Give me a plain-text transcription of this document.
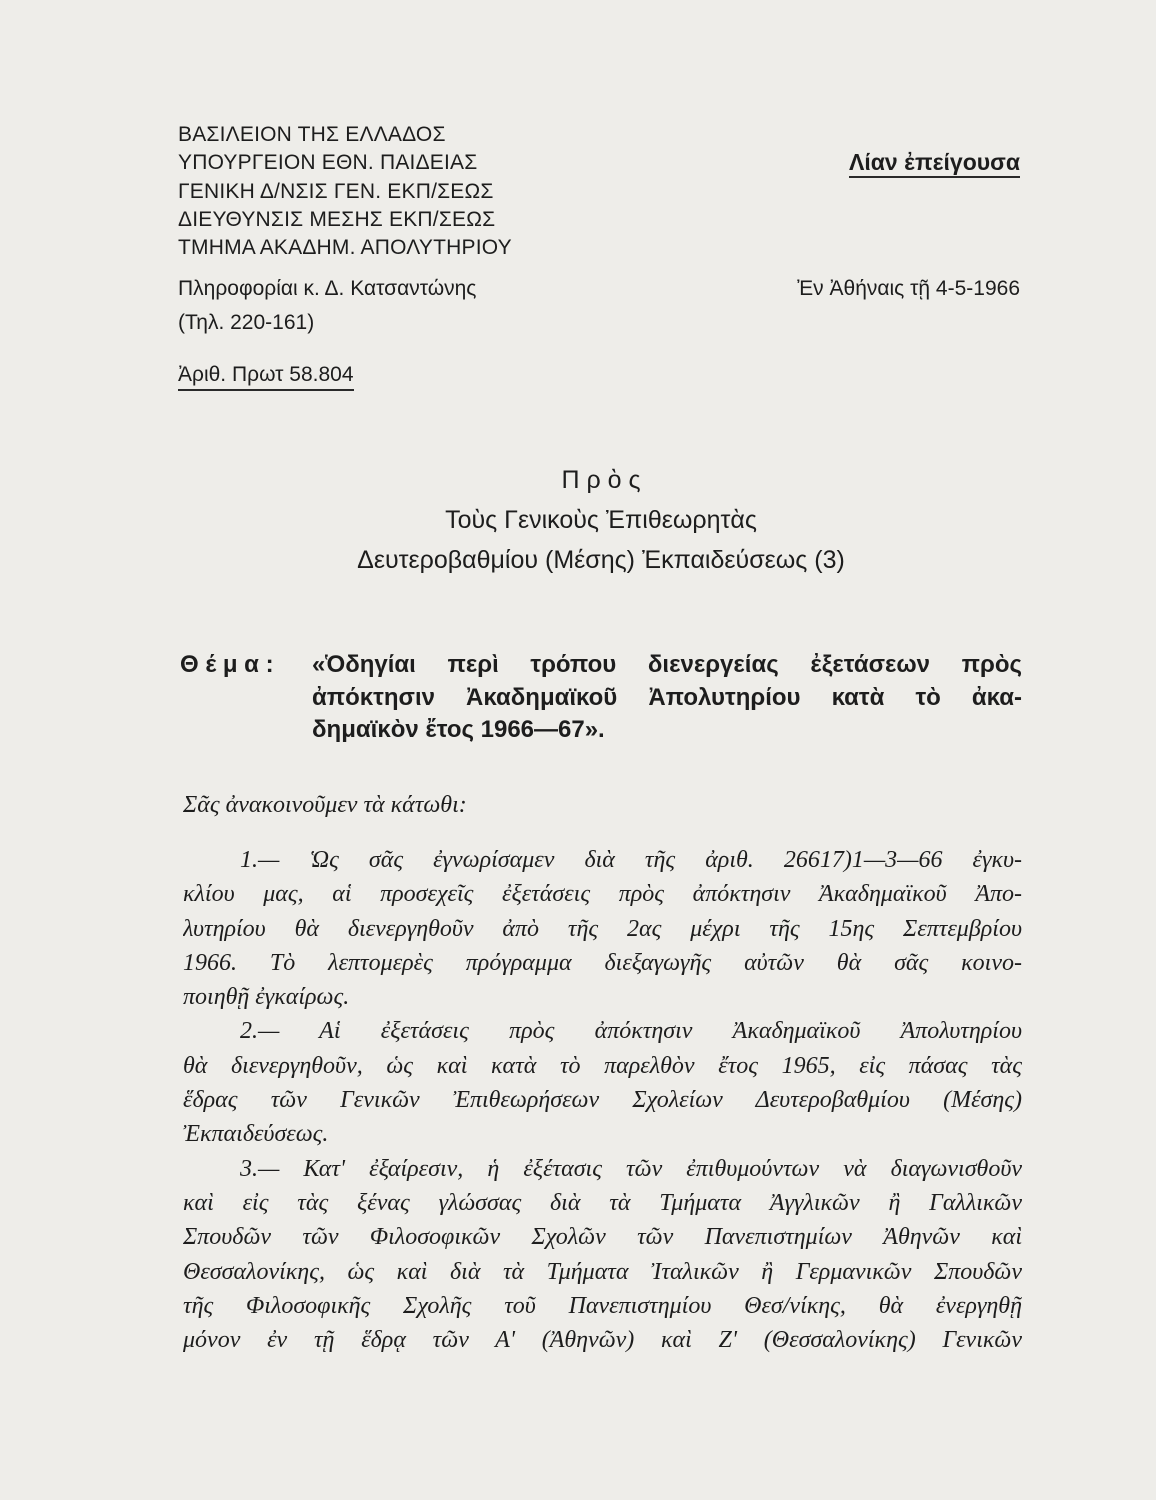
ΒΑΣΙΛΕΙΟΝ ΤΗΣ ΕΛΛΑΔΟΣ
ΥΠΟΥΡΓΕΙΟΝ ΕΘΝ. ΠΑΙΔΕΙΑΣ
ΓΕΝΙΚΗ Δ/ΝΣΙΣ ΓΕΝ. ΕΚΠ/ΣΕΩΣ
ΔΙΕΥΘΥΝΣΙΣ ΜΕΣΗΣ ΕΚΠ/ΣΕΩΣ
ΤΜΗΜΑ ΑΚΑΔΗΜ. ΑΠΟΛΥΤΗΡΙΟΥ
Πληροφορίαι κ. Δ. Κατσαντώνης
(Τηλ. 220-161)
Ἀριθ. Πρωτ 58.804
Λίαν ἐπείγουσα
Ἐν Ἀθήναις τῇ 4-5-1966
Π ρ ὸ ς
Τοὺς Γενικοὺς Ἐπιθεωρητὰς
Δευτεροβαθμίου (Μέσης) Ἐκπαιδεύσεως (3)
Θ έ μ α : «Ὁδηγίαι περὶ τρόπου διενεργείας ἐξετάσεων πρὸς
ἀπόκτησιν Ἀκαδημαϊκοῦ Ἀπολυτηρίου κατὰ τὸ ἀκα-
δημαϊκὸν ἔτος 1966—67».
Σᾶς ἀνακοινοῦμεν τὰ κάτωθι:
1.— Ὡς σᾶς ἐγνωρίσαμεν διὰ τῆς ἀριθ. 26617)1—3—66 ἐγκυ-
κλίου μας, αἱ προσεχεῖς ἐξετάσεις πρὸς ἀπόκτησιν Ἀκαδημαϊκοῦ Ἀπο-
λυτηρίου θὰ διενεργηθοῦν ἀπὸ τῆς 2ας μέχρι τῆς 15ης Σεπτεμβρίου
1966. Τὸ λεπτομερὲς πρόγραμμα διεξαγωγῆς αὐτῶν θὰ σᾶς κοινο-
ποιηθῇ ἐγκαίρως.
2.— Αἱ ἐξετάσεις πρὸς ἀπόκτησιν Ἀκαδημαϊκοῦ Ἀπολυτηρίου
θὰ διενεργηθοῦν, ὡς καὶ κατὰ τὸ παρελθὸν ἔτος 1965, εἰς πάσας τὰς
ἕδρας τῶν Γενικῶν Ἐπιθεωρήσεων Σχολείων Δευτεροβαθμίου (Μέσης)
Ἐκπαιδεύσεως.
3.— Κατ' ἐξαίρεσιν, ἡ ἐξέτασις τῶν ἐπιθυμούντων νὰ διαγωνισθοῦν
καὶ εἰς τὰς ξένας γλώσσας διὰ τὰ Τμήματα Ἀγγλικῶν ἢ Γαλλικῶν
Σπουδῶν τῶν Φιλοσοφικῶν Σχολῶν τῶν Πανεπιστημίων Ἀθηνῶν καὶ
Θεσσαλονίκης, ὡς καὶ διὰ τὰ Τμήματα Ἰταλικῶν ἢ Γερμανικῶν Σπουδῶν
τῆς Φιλοσοφικῆς Σχολῆς τοῦ Πανεπιστημίου Θεσ/νίκης, θὰ ἐνεργηθῇ
μόνον ἐν τῇ ἕδρᾳ τῶν Α' (Ἀθηνῶν) καὶ Ζ' (Θεσσαλονίκης) Γενικῶν
